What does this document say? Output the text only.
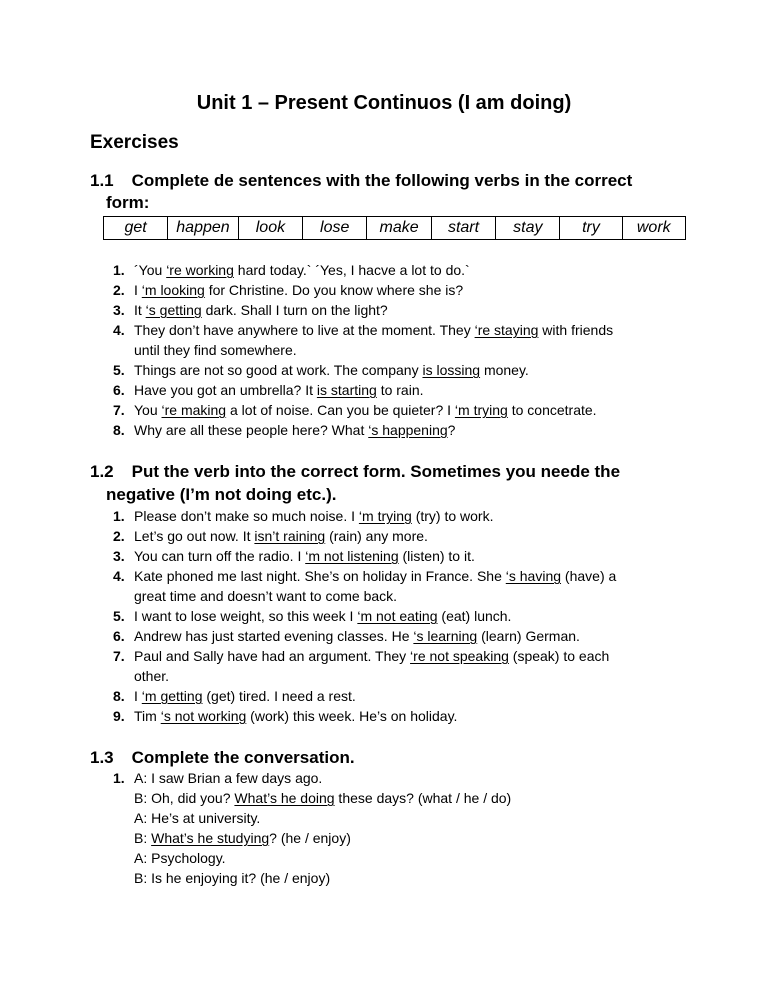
Unit 1 – Present Continuos (I am doing)
Exercises
1.1 Complete de sentences with the following verbs in the correct
form:
get	happen	look	lose	make	start	stay	try	work
1. ´You ‘re working hard today.` ´Yes, I hacve a lot to do.`
2. I ‘m looking for Christine. Do you know where she is?
3. It ‘s getting dark. Shall I turn on the light?
4. They don’t have anywhere to live at the moment. They ‘re staying with friends
until they find somewhere.
5. Things are not so good at work. The company is lossing money.
6. Have you got an umbrella? It is starting to rain.
7. You ‘re making a lot of noise. Can you be quieter? I ‘m trying to concetrate.
8. Why are all these people here? What ‘s happening?
1.2 Put the verb into the correct form. Sometimes you neede the
negative (I’m not doing etc.).
1. Please don’t make so much noise. I ‘m trying (try) to work.
2. Let’s go out now. It isn’t raining (rain) any more.
3. You can turn off the radio. I ‘m not listening (listen) to it.
4. Kate phoned me last night. She’s on holiday in France. She ‘s having (have) a
great time and doesn’t want to come back.
5. I want to lose weight, so this week I ‘m not eating (eat) lunch.
6. Andrew has just started evening classes. He ‘s learning (learn) German.
7. Paul and Sally have had an argument. They ‘re not speaking (speak) to each
other.
8. I ‘m getting (get) tired. I need a rest.
9. Tim ‘s not working (work) this week. He’s on holiday.
1.3 Complete the conversation.
1. A: I saw Brian a few days ago.
B: Oh, did you? What’s he doing these days? (what / he / do)
A: He’s at university.
B: What’s he studying? (he / enjoy)
A: Psychology.
B: Is he enjoying it? (he / enjoy)
